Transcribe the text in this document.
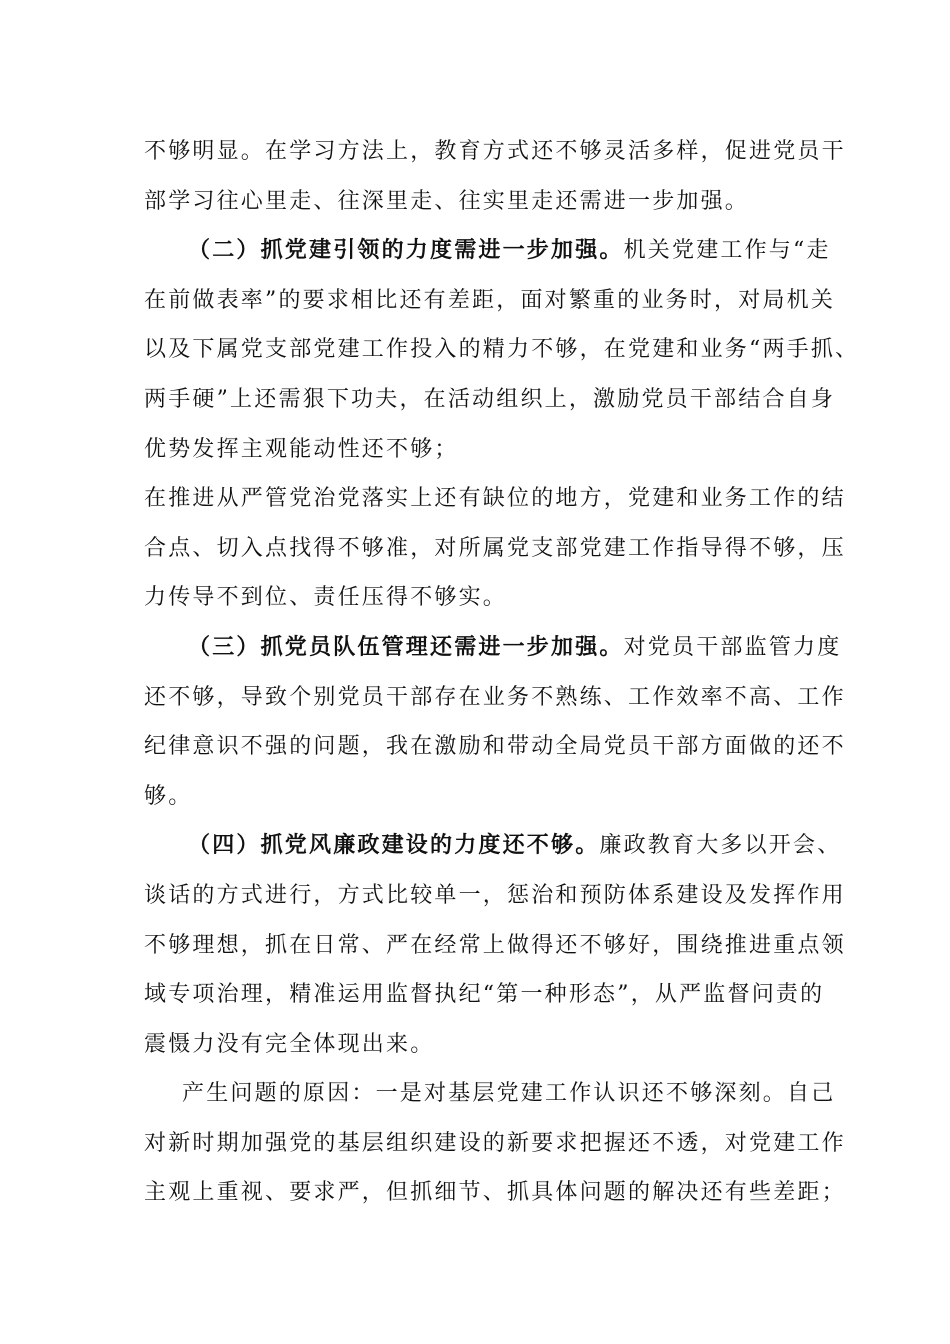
不够明显。在学习方法上，教育方式还不够灵活多样，促进党员干
部学习往心里走、往深里走、往实里走还需进一步加强。
（二）抓党建引领的力度需进一步加强。机关党建工作与“走
在前做表率”的要求相比还有差距，面对繁重的业务时，对局机关
以及下属党支部党建工作投入的精力不够，在党建和业务“两手抓、
两手硬”上还需狠下功夫，在活动组织上，激励党员干部结合自身
优势发挥主观能动性还不够；
在推进从严管党治党落实上还有缺位的地方，党建和业务工作的结
合点、切入点找得不够准，对所属党支部党建工作指导得不够，压
力传导不到位、责任压得不够实。
（三）抓党员队伍管理还需进一步加强。对党员干部监管力度
还不够，导致个别党员干部存在业务不熟练、工作效率不高、工作
纪律意识不强的问题，我在激励和带动全局党员干部方面做的还不
够。
（四）抓党风廉政建设的力度还不够。廉政教育大多以开会、
谈话的方式进行，方式比较单一，惩治和预防体系建设及发挥作用
不够理想，抓在日常、严在经常上做得还不够好，围绕推进重点领
域专项治理，精准运用监督执纪“第一种形态”，从严监督问责的
震慑力没有完全体现出来。
产生问题的原因：一是对基层党建工作认识还不够深刻。自己
对新时期加强党的基层组织建设的新要求把握还不透，对党建工作
主观上重视、要求严，但抓细节、抓具体问题的解决还有些差距；
